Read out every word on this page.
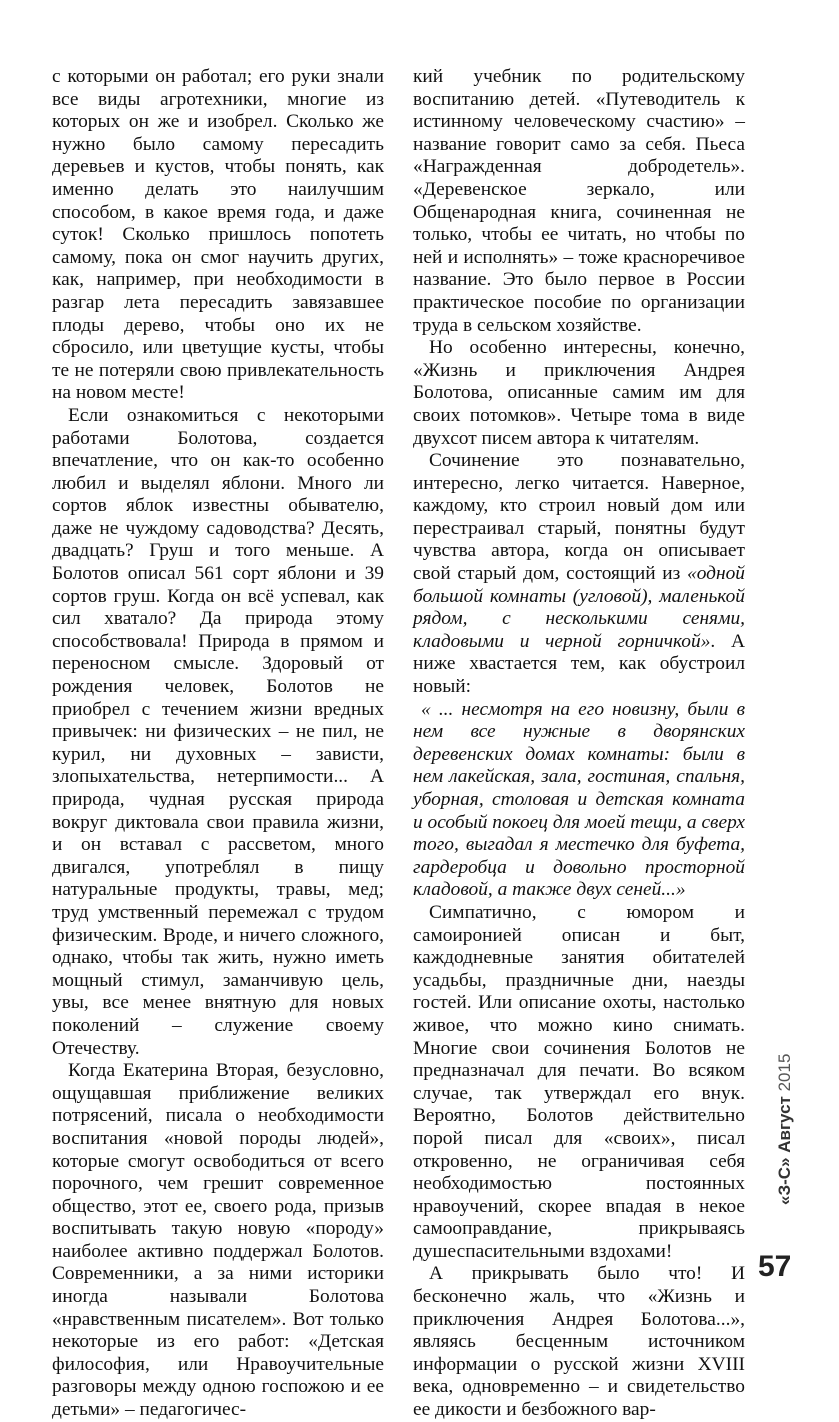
с которыми он работал; его руки знали все виды агротехники, многие из которых он же и изобрел. Сколько же нужно было самому пересадить деревьев и кустов, чтобы понять, как именно делать это наилучшим способом, в какое время года, и даже суток! Сколько пришлось попотеть самому, пока он смог научить других, как, например, при необходимости в разгар лета пересадить завязавшее плоды дерево, чтобы оно их не сбросило, или цветущие кусты, чтобы те не потеряли свою привлекательность на новом месте!

Если ознакомиться с некоторыми работами Болотова, создается впечатление, что он как-то особенно любил и выделял яблони. Много ли сортов яблок известны обывателю, даже не чуждому садоводства? Десять, двадцать? Груш и того меньше. А Болотов описал 561 сорт яблони и 39 сортов груш. Когда он всё успевал, как сил хватало? Да природа этому способствовала! Природа в прямом и переносном смысле. Здоровый от рождения человек, Болотов не приобрел с течением жизни вредных привычек: ни физических – не пил, не курил, ни духовных – зависти, злопыхательства, нетерпимости... А природа, чудная русская природа вокруг диктовала свои правила жизни, и он вставал с рассветом, много двигался, употреблял в пищу натуральные продукты, травы, мед; труд умственный перемежал с трудом физическим. Вроде, и ничего сложного, однако, чтобы так жить, нужно иметь мощный стимул, заманчивую цель, увы, все менее внятную для новых поколений – служение своему Отечеству.

Когда Екатерина Вторая, безусловно, ощущавшая приближение великих потрясений, писала о необходимости воспитания «новой породы людей», которые смогут освободиться от всего порочного, чем грешит современное общество, этот ее, своего рода, призыв воспитывать такую новую «породу» наиболее активно поддержал Болотов. Современники, а за ними историки иногда называли Болотова «нравственным писателем». Вот только некоторые из его работ: «Детская философия, или Нравоучительные разговоры между одною госпожою и ее детьми» – педагогичес-

кий учебник по родительскому воспитанию детей. «Путеводитель к истинному человеческому счастию» – название говорит само за себя. Пьеса «Награжденная добродетель». «Деревенское зеркало, или Общенародная книга, сочиненная не только, чтобы ее читать, но чтобы по ней и исполнять» – тоже красноречивое название. Это было первое в России практическое пособие по организации труда в сельском хозяйстве.

Но особенно интересны, конечно, «Жизнь и приключения Андрея Болотова, описанные самим им для своих потомков». Четыре тома в виде двухсот писем автора к читателям.

Сочинение это познавательно, интересно, легко читается. Наверное, каждому, кто строил новый дом или перестраивал старый, понятны будут чувства автора, когда он описывает свой старый дом, состоящий из «одной большой комнаты (угловой), маленькой рядом, с несколькими сенями, кладовыми и черной горничкой». А ниже хвастается тем, как обустроил новый:

« ... несмотря на его новизну, были в нем все нужные в дворянских деревенских домах комнаты: были в нем лакейская, зала, гостиная, спальня, уборная, столовая и детская комната и особый покоец для моей тещи, а сверх того, выгадал я местечко для буфета, гардеробца и довольно просторной кладовой, а также двух сеней...»

Симпатично, с юмором и самоиронией описан и быт, каждодневные занятия обитателей усадьбы, праздничные дни, наезды гостей. Или описание охоты, настолько живое, что можно кино снимать. Многие свои сочинения Болотов не предназначал для печати. Во всяком случае, так утверждал его внук. Вероятно, Болотов действительно порой писал для «своих», писал откровенно, не ограничивая себя необходимостью постоянных нравоучений, скорее впадая в некое самооправдание, прикрываясь душеспасительными вздохами!

А прикрывать было что! И бесконечно жаль, что «Жизнь и приключения Андрея Болотова...», являясь бесценным источником информации о русской жизни XVIII века, одновременно – и свидетельство ее дикости и безбожного вар-

«З-С» Август 2015
57
